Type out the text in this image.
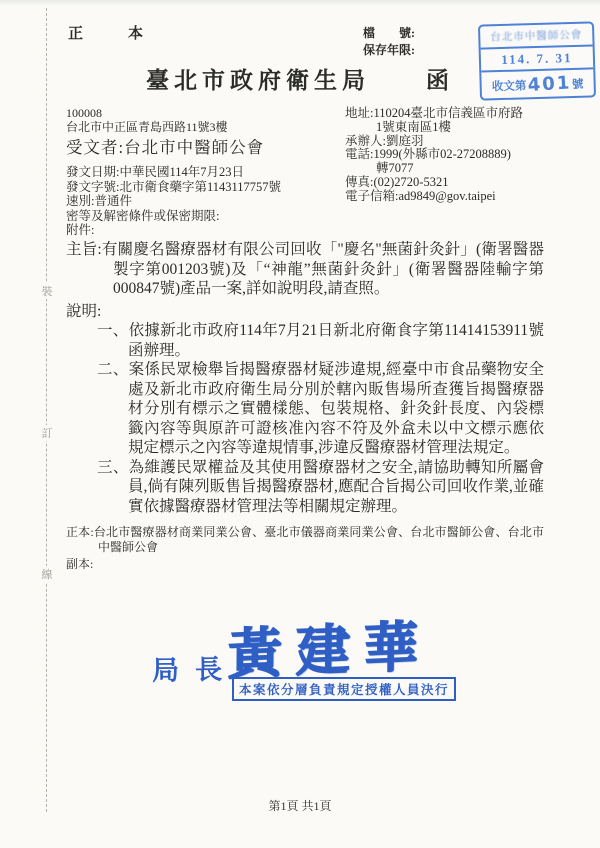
裝
訂
線
正　本	檔　　號:
保存年限:
臺北市政府衛生局　　函
台北市中醫師公會
114. 7. 31
收文第401號
100008
台北市中正區青島西路11號3樓
受文者:台北市中醫師公會
發文日期:中華民國114年7月23日
發文字號:北市衛食藥字第1143117757號
速別:普通件
密等及解密條件或保密期限:
附件:
地址:110204臺北市信義區市府路
1號東南區1樓
承辦人:劉庭羽
電話:1999(外縣市02-27208889)
轉7077
傳真:(02)2720-5321
電子信箱:ad9849@gov.taipei
主旨:有關慶名醫療器材有限公司回收「"慶名"無菌針灸針」(衛署醫器製字第001203號)及「“神龍”無菌針灸針」(衛署醫器陸輸字第000847號)產品一案,詳如說明段,請查照。
說明:
一、依據新北市政府114年7月21日新北府衛食字第11414153911號函辦理。
二、案係民眾檢舉旨揭醫療器材疑涉違規,經臺中市食品藥物安全處及新北市政府衛生局分別於轄內販售場所查獲旨揭醫療器材分別有標示之實體樣態、包裝規格、針灸針長度、內袋標籤內容等與原許可證核准內容不符及外盒未以中文標示應依規定標示之內容等違規情事,涉違反醫療器材管理法規定。
三、為維護民眾權益及其使用醫療器材之安全,請協助轉知所屬會員,倘有陳列販售旨揭醫療器材,應配合旨揭公司回收作業,並確實依據醫療器材管理法等相關規定辦理。
正本:台北市醫療器材商業同業公會、臺北市儀器商業同業公會、台北市醫師公會、台北市中醫師公會
副本:
局長
黃建華
本案依分層負責規定授權人員決行
第1頁 共1頁
